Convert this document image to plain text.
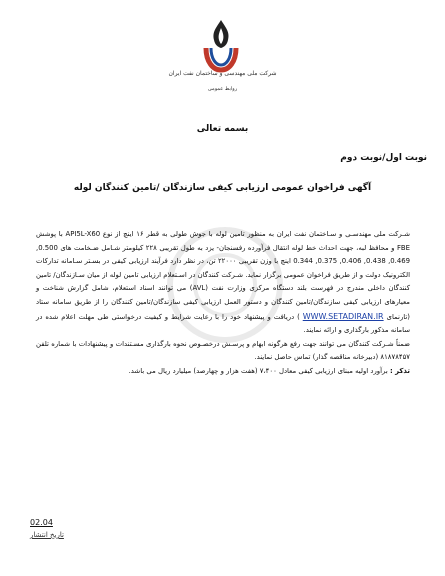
شرکت ملی مهندسی و ساختمان نفت ایران
روابط عمومی
بسمه تعالی
نوبت اول/نوبت دوم
آگهی فراخوان عمومی ارزیابی کیفی سازندگان /تامین کنندگان لوله

شـرکت ملی مهندسـی و سـاختمان نفت ایران به منظور تامین لوله با جوش طولی به قطر ۱۶ اینچ از نوع API5L-X60 با پوشش FBE و محافظ لبه، جهت احداث خط لوله انتقال فرآورده رفسنجان- یزد به طول تقریبی ۲۲۸ کیلومتر شـامل ضـخامت های 0.500, 0.469, 0.438, 0.406, 0.375, 0.344 اینچ با وزن تقریبی ۲۲۰۰۰ تن، در نظر دارد فرآیند ارزیابی کیفی در بسـتر سـامانه تدارکات الکترونیک دولت و از طریق فراخوان عمومی برگزار نماید. شـرکت کنندگان در اسـتعلام ارزیابی تامین لوله از میان سـازندگان/ تامین کنندگان داخلی مندرج در فهرست بلند دستگاه مرکزی وزارت نفت (AVL) می توانند اسناد استعلام، شامل گزارش شناخت و معیارهای ارزیابی کیفی سازندگان/تامین کنندگان و دستور العمل ارزیابی کیفی سازندگان/تامین کنندگان را از طریق سامانه ستاد (تارنمای WWW.SETADIRAN.IR ) دریافت و پیشنهاد خود را با رعایت شرایط و کیفیت درخواستی طی مهلت اعلام شده در سامانه مذکور بارگذاری و ارائه نمایند.

ضمناً شـرکت کنندگان می توانند جهت رفع هرگونه ابهام و پرسـش درخصـوص نحوه بارگذاری مسـتندات و پیشنهادات با شماره تلفن ۸۱۸۷۸۴۵۷ (دبیرخانه مناقصه گذار) تماس حاصل نمایند.

تذکر : برآورد اولیه مبنای ارزیابی کیفی معادل ۷،۴۰۰ (هفت هزار و چهارصد) میلیارد ریال می باشد.

02.04
تاریخ انتشار
